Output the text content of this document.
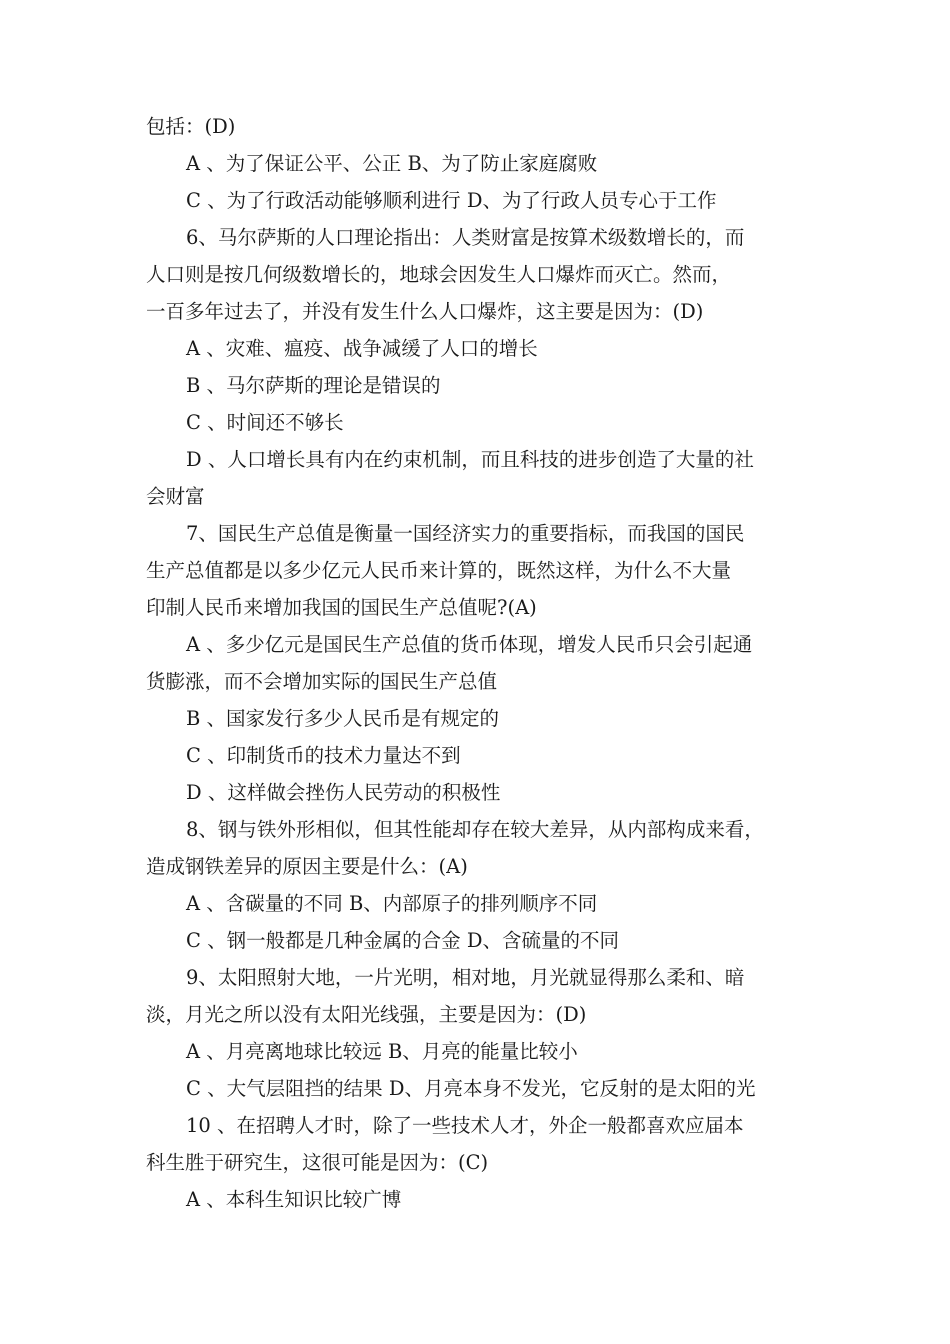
包括：(D)
A 、为了保证公平、公正 B、为了防止家庭腐败
C 、为了行政活动能够顺利进行 D、为了行政人员专心于工作
6、马尔萨斯的人口理论指出：人类财富是按算术级数增长的，而
人口则是按几何级数增长的，地球会因发生人口爆炸而灭亡。然而，
一百多年过去了，并没有发生什么人口爆炸，这主要是因为：(D)
A 、灾难、瘟疫、战争减缓了人口的增长
B 、马尔萨斯的理论是错误的
C 、时间还不够长
D 、人口增长具有内在约束机制，而且科技的进步创造了大量的社
会财富
7、国民生产总值是衡量一国经济实力的重要指标，而我国的国民
生产总值都是以多少亿元人民币来计算的，既然这样，为什么不大量
印制人民币来增加我国的国民生产总值呢?(A)
A 、多少亿元是国民生产总值的货币体现，增发人民币只会引起通
货膨涨，而不会增加实际的国民生产总值
B 、国家发行多少人民币是有规定的
C 、印制货币的技术力量达不到
D 、这样做会挫伤人民劳动的积极性
8、钢与铁外形相似，但其性能却存在较大差异，从内部构成来看，
造成钢铁差异的原因主要是什么：(A)
A 、含碳量的不同 B、内部原子的排列顺序不同
C 、钢一般都是几种金属的合金 D、含硫量的不同
9、太阳照射大地，一片光明，相对地，月光就显得那么柔和、暗
淡，月光之所以没有太阳光线强，主要是因为：(D)
A 、月亮离地球比较远 B、月亮的能量比较小
C 、大气层阻挡的结果 D、月亮本身不发光，它反射的是太阳的光
10 、在招聘人才时，除了一些技术人才，外企一般都喜欢应届本
科生胜于研究生，这很可能是因为：(C)
A 、本科生知识比较广博
